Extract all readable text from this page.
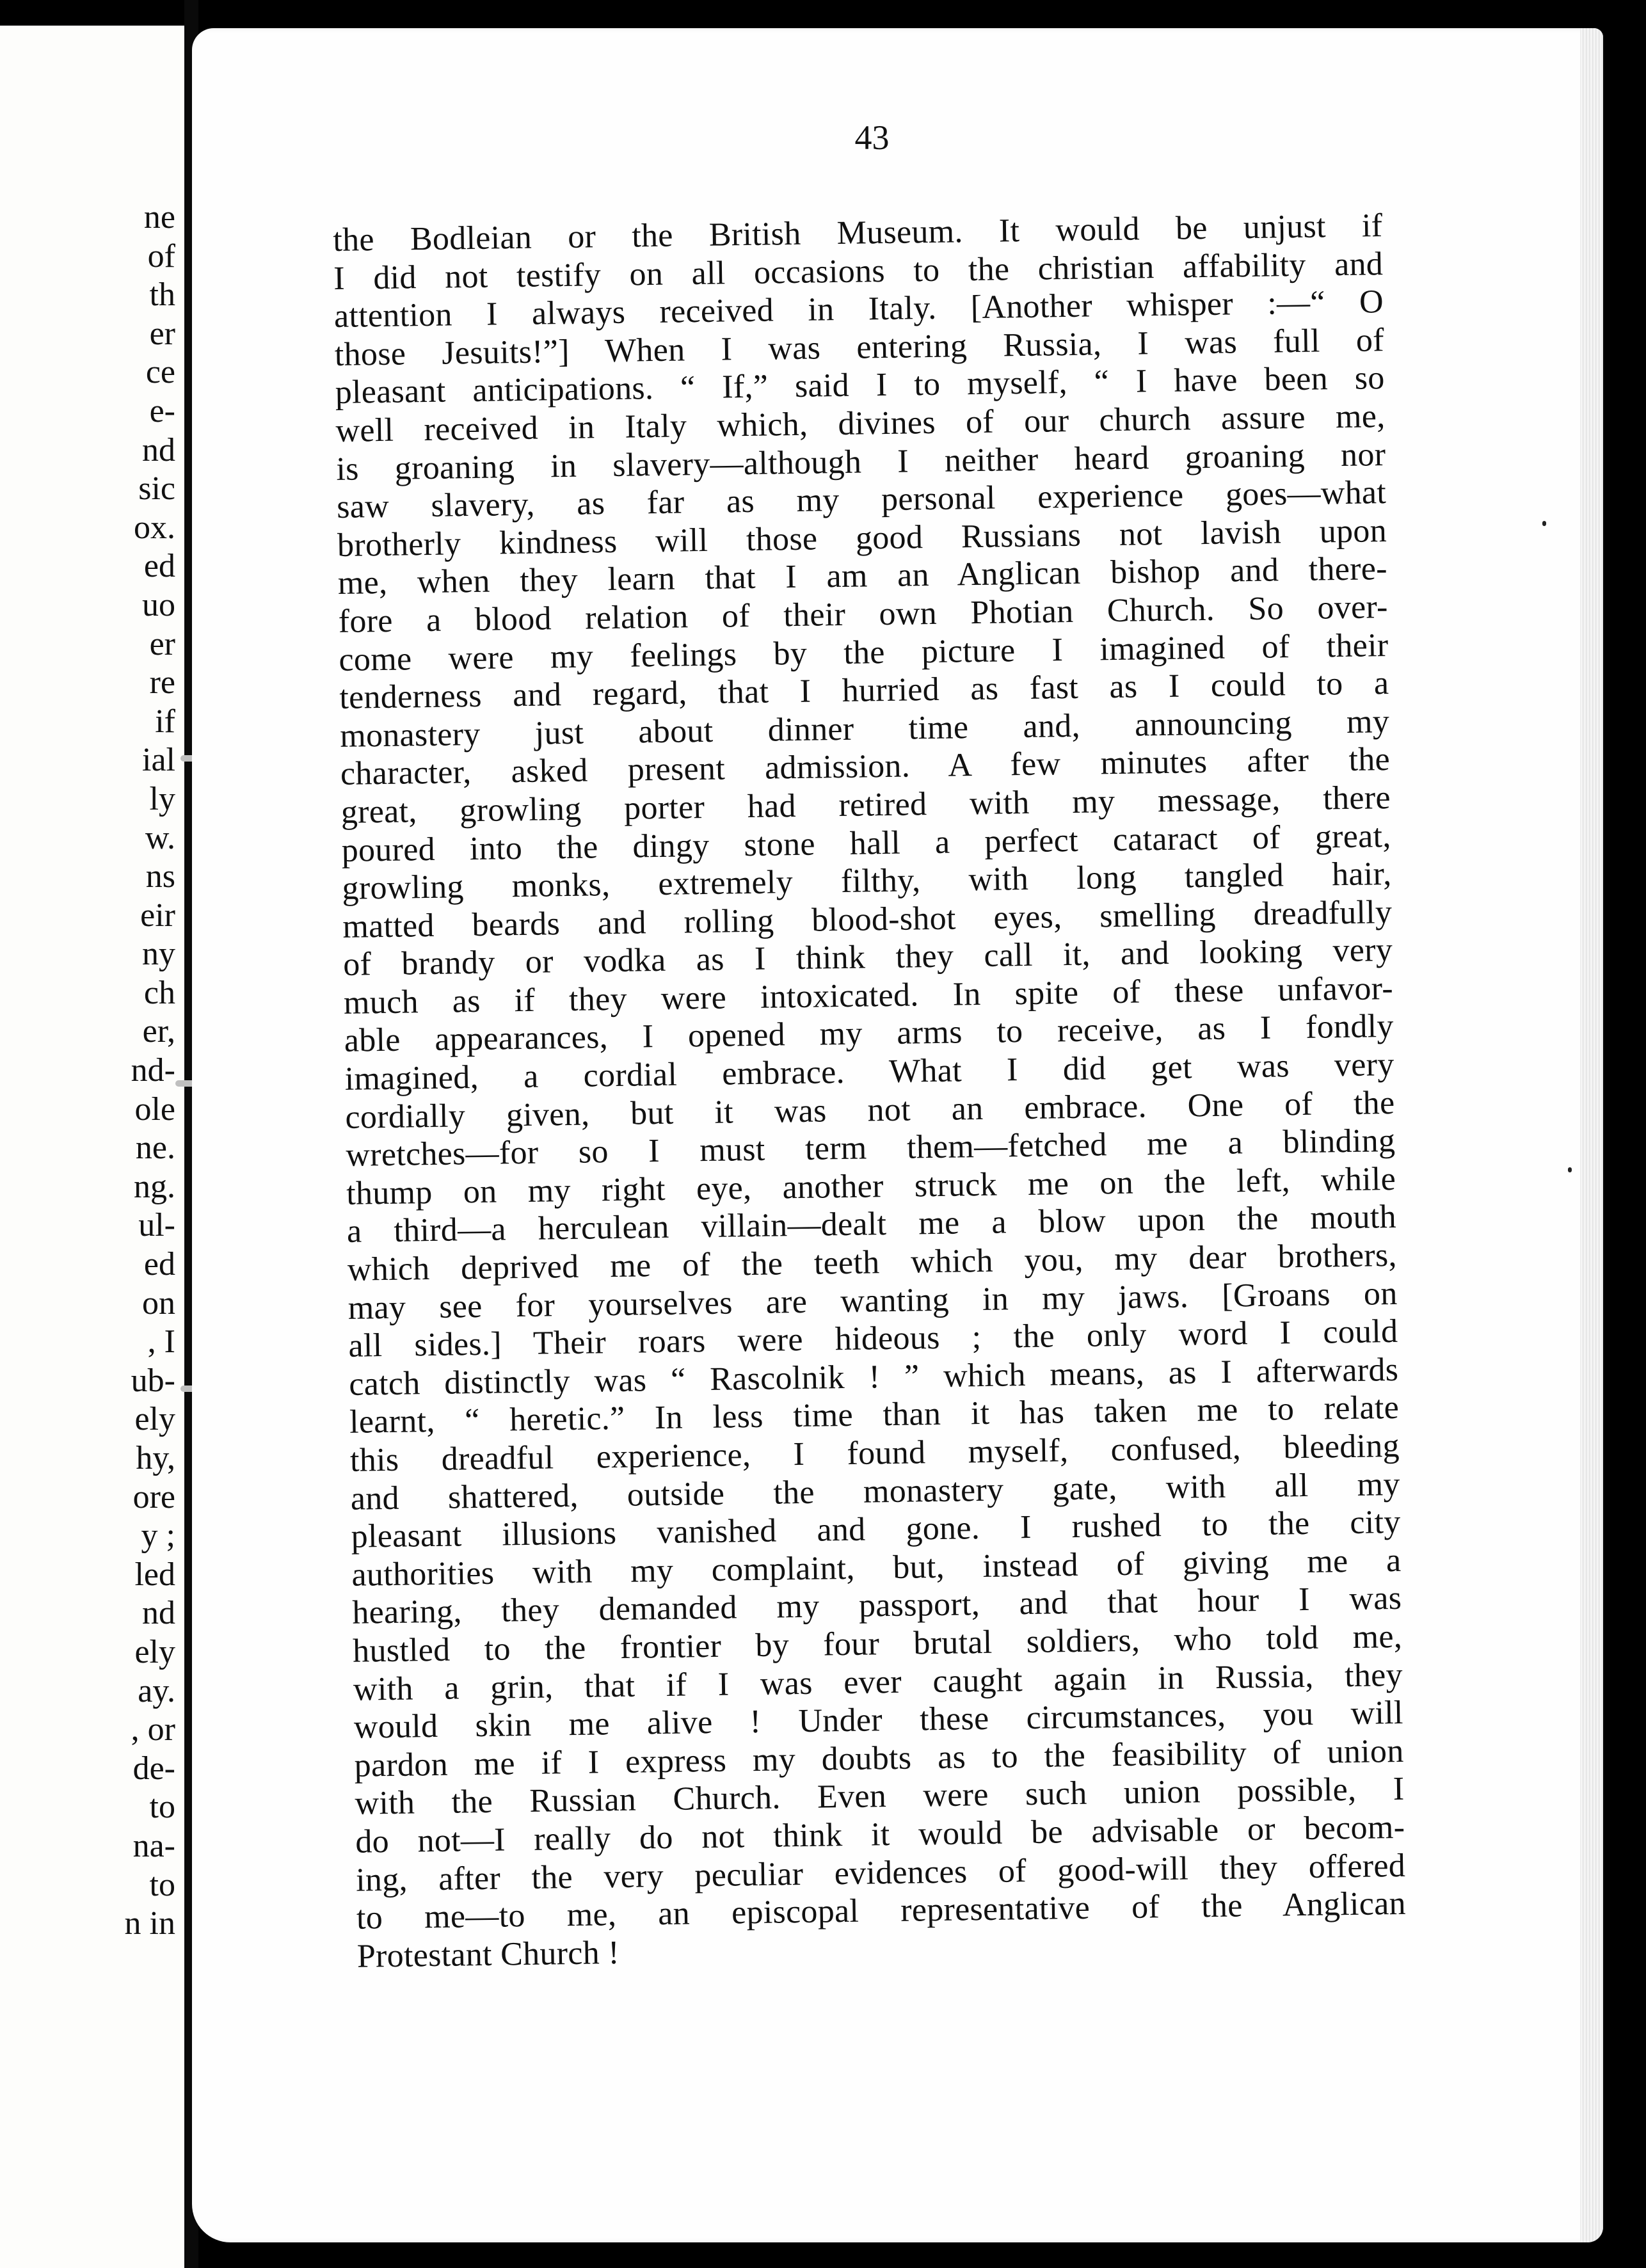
ne
of
th
er
ce
e-
nd
sic
ox.
ed
uo
er
re
if
ial
ly
w.
ns
eir
ny
ch
er,
nd-
ole
ne.
ng.
ul-
ed
on
, I
ub-
ely
hy,
ore
y ;
led
nd
ely
ay.
, or
de-
to
na-
to
n in
43
the Bodleian or the British Museum. It would be unjust if
I did not testify on all occasions to the christian affability and
attention I always received in Italy. [Another whisper :—“ O
those Jesuits!”] When I was entering Russia, I was full of
pleasant anticipations. “ If,” said I to myself, “ I have been so
well received in Italy which, divines of our church assure me,
is groaning in slavery—although I neither heard groaning nor
saw slavery, as far as my personal experience goes—what
brotherly kindness will those good Russians not lavish upon
me, when they learn that I am an Anglican bishop and there-
fore a blood relation of their own Photian Church. So over-
come were my feelings by the picture I imagined of their
tenderness and regard, that I hurried as fast as I could to a
monastery just about dinner time and, announcing my
character, asked present admission. A few minutes after the
great, growling porter had retired with my message, there
poured into the dingy stone hall a perfect cataract of great,
growling monks, extremely filthy, with long tangled hair,
matted beards and rolling blood-shot eyes, smelling dreadfully
of brandy or vodka as I think they call it, and looking very
much as if they were intoxicated. In spite of these unfavor-
able appearances, I opened my arms to receive, as I fondly
imagined, a cordial embrace. What I did get was very
cordially given, but it was not an embrace. One of the
wretches—for so I must term them—fetched me a blinding
thump on my right eye, another struck me on the left, while
a third—a herculean villain—dealt me a blow upon the mouth
which deprived me of the teeth which you, my dear brothers,
may see for yourselves are wanting in my jaws. [Groans on
all sides.] Their roars were hideous ; the only word I could
catch distinctly was “ Rascolnik ! ” which means, as I afterwards
learnt, “ heretic.” In less time than it has taken me to relate
this dreadful experience, I found myself, confused, bleeding
and shattered, outside the monastery gate, with all my
pleasant illusions vanished and gone. I rushed to the city
authorities with my complaint, but, instead of giving me a
hearing, they demanded my passport, and that hour I was
hustled to the frontier by four brutal soldiers, who told me,
with a grin, that if I was ever caught again in Russia, they
would skin me alive ! Under these circumstances, you will
pardon me if I express my doubts as to the feasibility of union
with the Russian Church. Even were such union possible, I
do not—I really do not think it would be advisable or becom-
ing, after the very peculiar evidences of good-will they offered
to me—to me, an episcopal representative of the Anglican
Protestant Church !
